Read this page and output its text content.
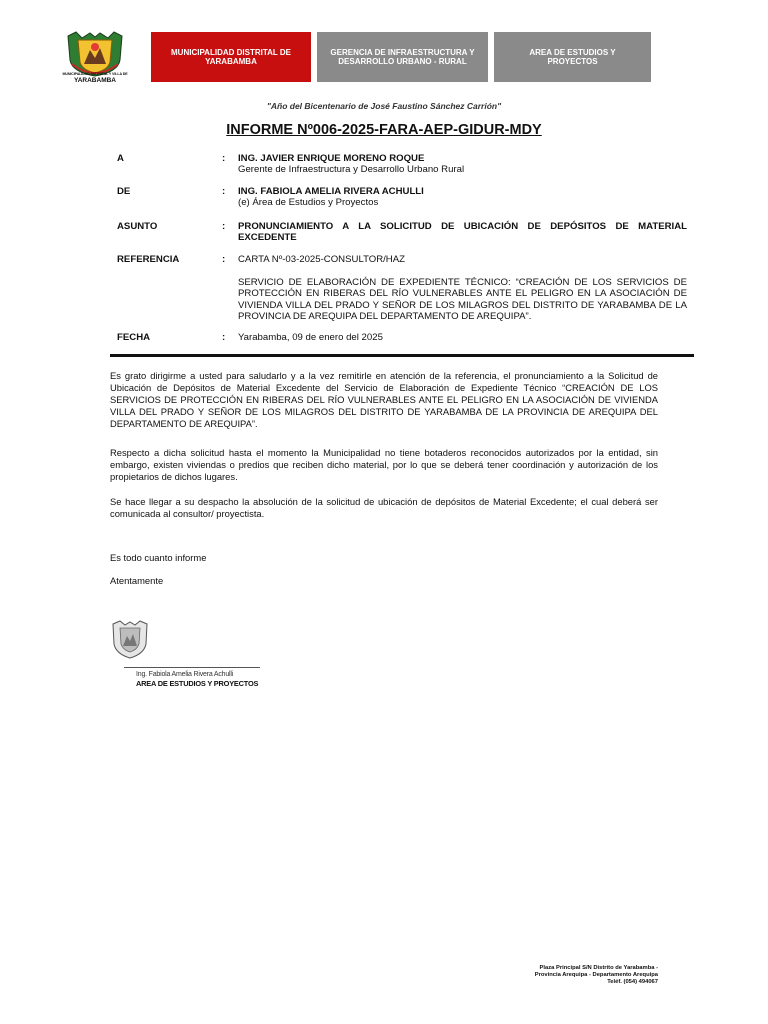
MUNICIPALIDAD DISTRITAL Y VILLA DE
YARABAMBA
MUNICIPALIDAD DISTRITAL DE YARABAMBA
GERENCIA DE INFRAESTRUCTURA Y DESARROLLO URBANO - RURAL
AREA DE ESTUDIOS Y PROYECTOS
"Año del Bicentenario de José Faustino Sánchez Carrión"
INFORME Nº006-2025-FARA-AEP-GIDUR-MDY
A	: ING. JAVIER ENRIQUE MORENO ROQUE
Gerente de Infraestructura y Desarrollo Urbano Rural
DE	: ING. FABIOLA AMELIA RIVERA ACHULLI
(e) Área de Estudios y Proyectos
ASUNTO	: PRONUNCIAMIENTO A LA SOLICITUD DE UBICACIÓN DE DEPÓSITOS DE MATERIAL EXCEDENTE
REFERENCIA	: CARTA Nº-03-2025-CONSULTOR/HAZ
SERVICIO DE ELABORACIÓN DE EXPEDIENTE TÉCNICO: “CREACIÓN DE LOS SERVICIOS DE PROTECCIÓN EN RIBERAS DEL RÍO VULNERABLES ANTE EL PELIGRO EN LA ASOCIACIÓN DE VIVIENDA VILLA DEL PRADO Y SEÑOR DE LOS MILAGROS DEL DISTRITO DE YARABAMBA DE LA PROVINCIA DE AREQUIPA DEL DEPARTAMENTO DE AREQUIPA”.
FECHA	: Yarabamba, 09 de enero del 2025
Es grato dirigirme a usted para saludarlo y a la vez remitirle en atención de la referencia, el pronunciamiento a la Solicitud de Ubicación de Depósitos de Material Excedente del Servicio de Elaboración de Expediente Técnico “CREACIÓN DE LOS SERVICIOS DE PROTECCIÓN EN RIBERAS DEL RÍO VULNERABLES ANTE EL PELIGRO EN LA ASOCIACIÓN DE VIVIENDA VILLA DEL PRADO Y SEÑOR DE LOS MILAGROS DEL DISTRITO DE YARABAMBA DE LA PROVINCIA DE AREQUIPA DEL DEPARTAMENTO DE AREQUIPA”.
Respecto a dicha solicitud hasta el momento la Municipalidad no tiene botaderos reconocidos autorizados por la entidad, sin embargo, existen viviendas o predios que reciben dicho material, por lo que se deberá tener coordinación y autorización de los propietarios de dichos lugares.
Se hace llegar a su despacho la absolución de la solicitud de ubicación de depósitos de Material Excedente; el cual deberá ser comunicada al consultor/ proyectista.
Es todo cuanto informe
Atentamente
Ing. Fabiola Amelia Rivera Achulli
AREA DE ESTUDIOS Y PROYECTOS
Plaza Principal S/N Distrito de Yarabamba -
Provincia Arequipa - Departamento Arequipa
Teléf. (054) 494067
